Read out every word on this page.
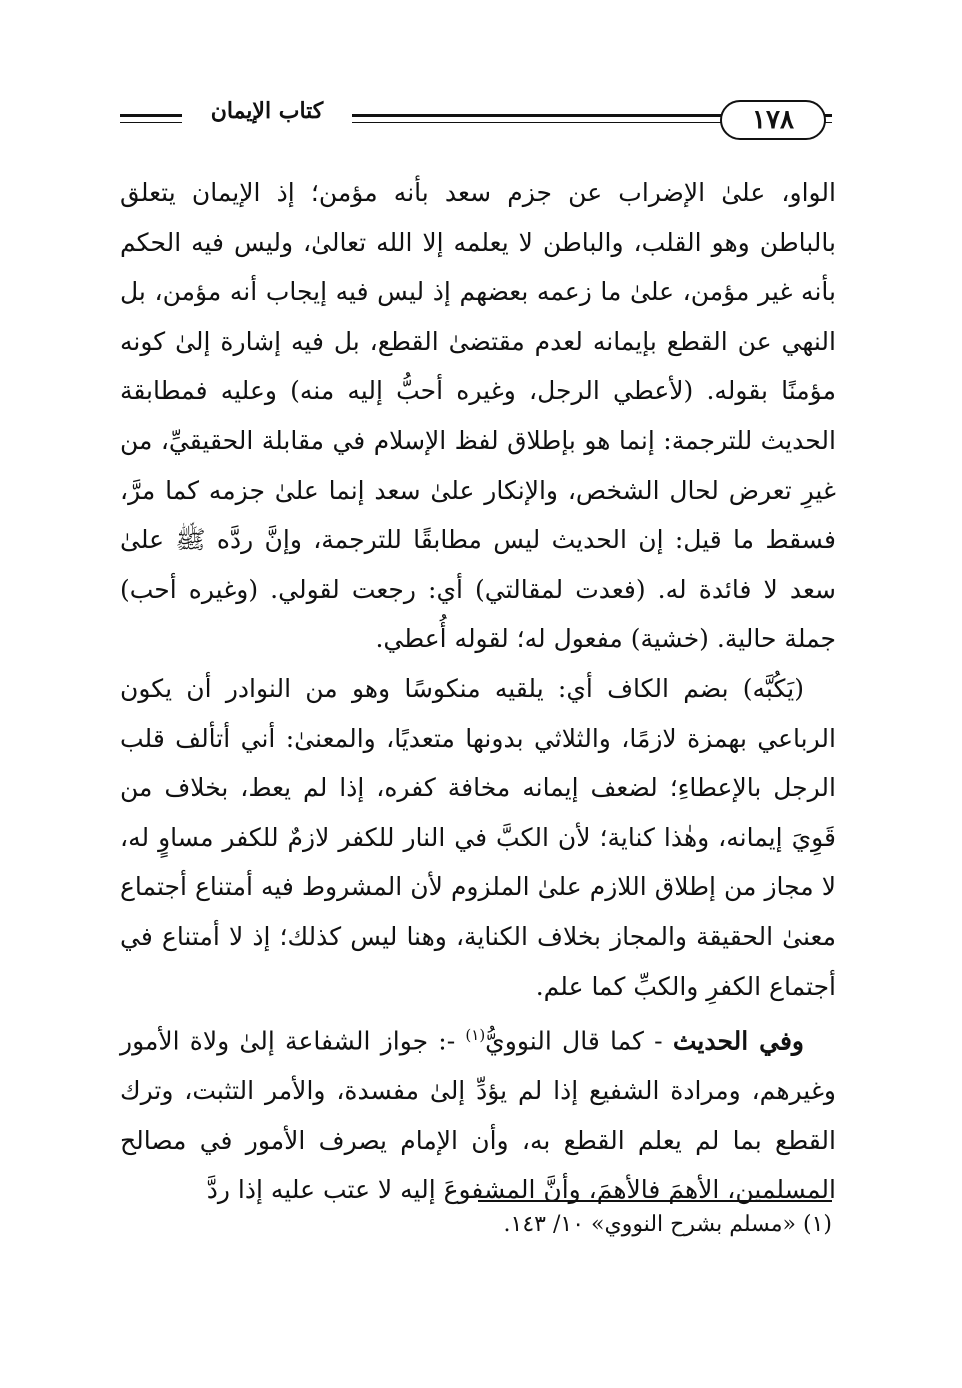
كتاب الإيمان	١٧٨

الواو، علىٰ الإضراب عن جزم سعد بأنه مؤمن؛ إذ الإيمان يتعلق بالباطن وهو القلب، والباطن لا يعلمه إلا الله تعالىٰ، وليس فيه الحكم بأنه غير مؤمن، علىٰ ما زعمه بعضهم إذ ليس فيه إيجاب أنه مؤمن، بل النهي عن القطع بإيمانه لعدم مقتضىٰ القطع، بل فيه إشارة إلىٰ كونه مؤمنًا بقوله. (لأعطي الرجل، وغيره أحبُّ إليه منه) وعليه فمطابقة الحديث للترجمة: إنما هو بإطلاق لفظ الإسلام في مقابلة الحقيقيِّ، من غيرِ تعرض لحال الشخص، والإنكار علىٰ سعد إنما علىٰ جزمه كما مرَّ، فسقط ما قيل: إن الحديث ليس مطابقًا للترجمة، وإنَّ ردَّه ﷺ علىٰ سعد لا فائدة له. (فعدت لمقالتي) أي: رجعت لقولي. (وغيره أحب) جملة حالية. (خشية) مفعول له؛ لقوله أُعطي.

(يَكُبَّه) بضم الكاف أي: يلقيه منكوسًا وهو من النوادر أن يكون الرباعي بهمزة لازمًا، والثلاثي بدونها متعديًا، والمعنىٰ: أني أتألف قلب الرجل بالإعطاءِ؛ لضعف إيمانه مخافة كفره، إذا لم يعط، بخلاف من قَوِيَ إيمانه، وهٰذا كناية؛ لأن الكبَّ في النار للكفر لازمٌ للكفر مساوٍ له، لا مجاز من إطلاق اللازم علىٰ الملزوم لأن المشروط فيه أمتناع أجتماع معنىٰ الحقيقة والمجاز بخلاف الكناية، وهنا ليس كذلك؛ إذ لا أمتناع في أجتماع الكفرِ والكبِّ كما علم.

وفي الحديث - كما قال النوويُّ$^{(١)}$ -: جواز الشفاعة إلىٰ ولاة الأمور وغيرهم، ومرادة الشفيع إذا لم يؤدِّ إلىٰ مفسدة، والأمر التثبت، وترك القطع بما لم يعلم القطع به، وأن الإمام يصرف الأمور في مصالح المسلمين، الأهمَ فالأهمَ، وأنَّ المشفوعَ إليه لا عتب عليه إذا ردَّ

(١) «مسلم بشرح النووي» ١٠/ ١٤٣.
